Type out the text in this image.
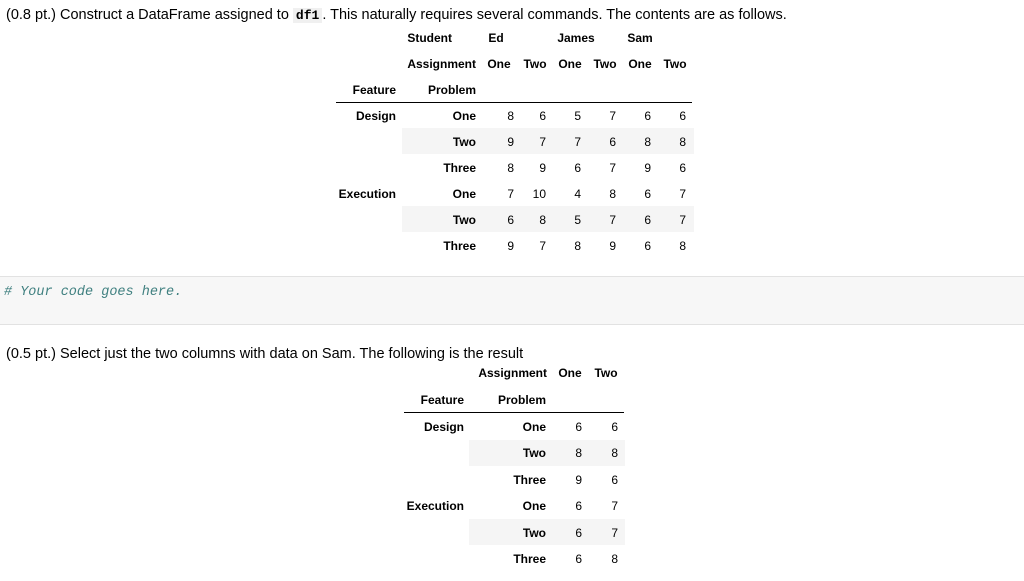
(0.8 pt.) Construct a DataFrame assigned to df1 . This naturally requires several commands. The contents are as follows.
Student	Ed	James	Sam
Assignment One Two One Two One Two
Feature	Problem
Design	One	8	6	5	7	6	6
Two	9	7	7	6	8	8
Three	8	9	6	7	9	6
Execution	One	7	10	4	8	6	7
Two	6	8	5	7	6	7
Three	9	7	8	9	6	8
# Your code goes here.
(0.5 pt.) Select just the two columns with data on Sam. The following is the result
Assignment One Two
Feature	Problem
Design	One	6	6
Two	8	8
Three	9	6
Execution	One	6	7
Two	6	7
Three	6	8
